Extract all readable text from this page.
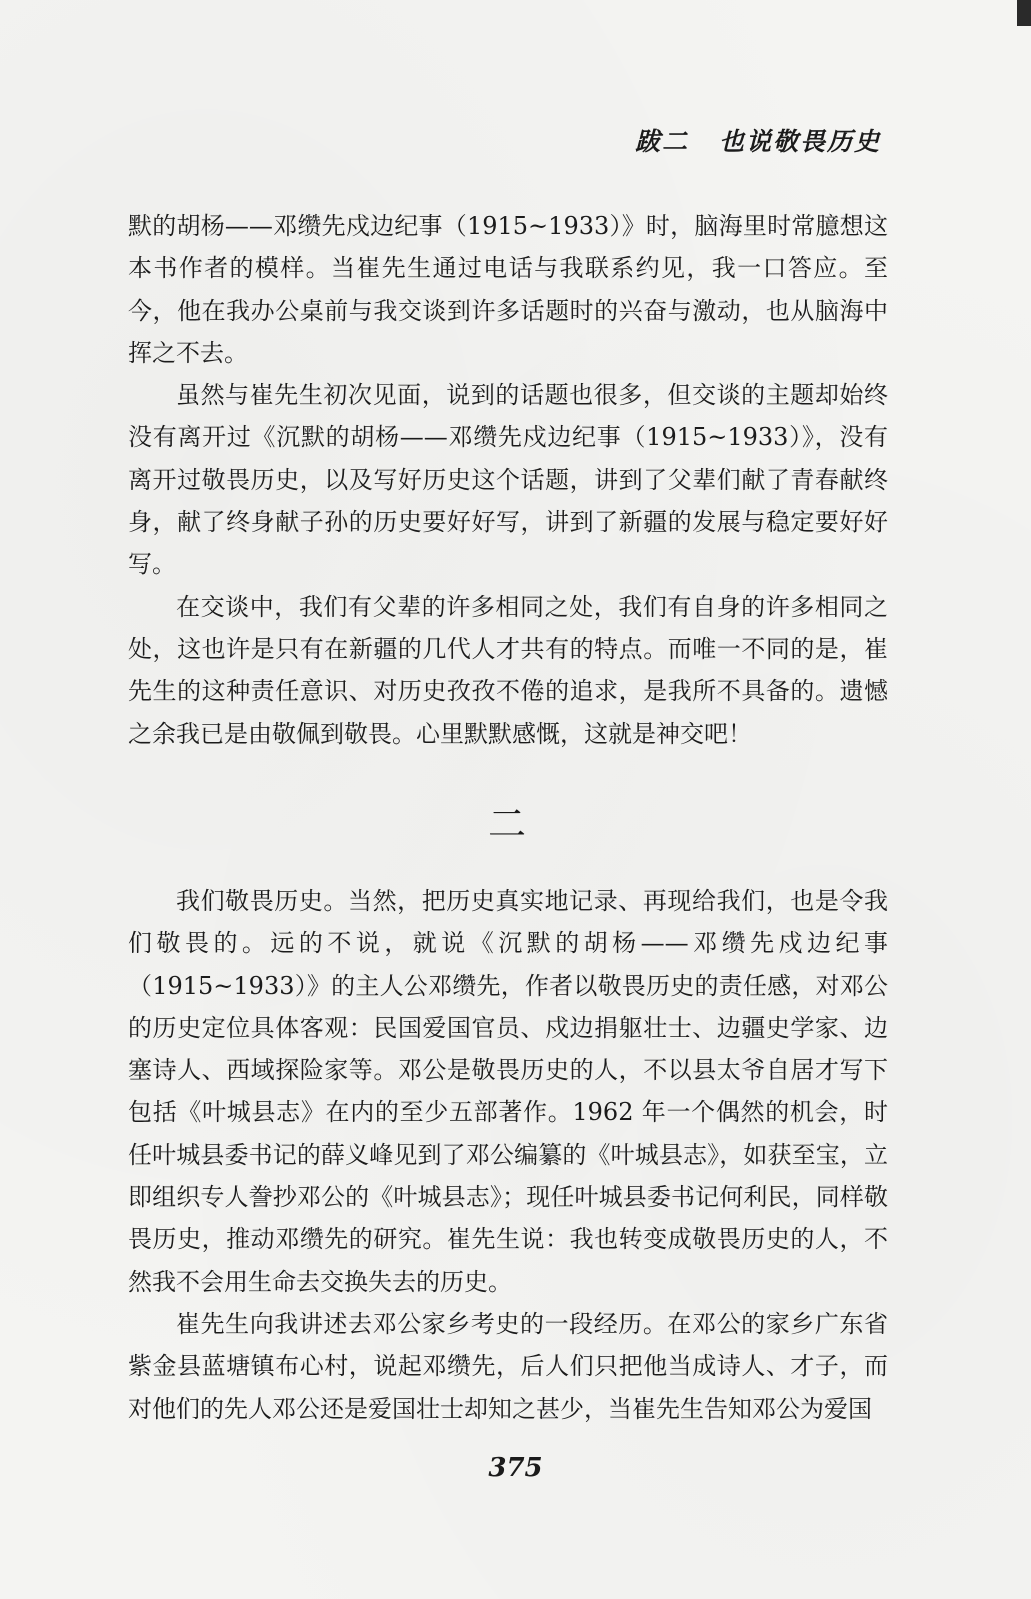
跋二 也说敬畏历史

默的胡杨——邓缵先戍边纪事（1915~1933）》时，脑海里时常臆想这本书作者的模样。当崔先生通过电话与我联系约见，我一口答应。至今，他在我办公桌前与我交谈到许多话题时的兴奋与激动，也从脑海中挥之不去。

虽然与崔先生初次见面，说到的话题也很多，但交谈的主题却始终没有离开过《沉默的胡杨——邓缵先戍边纪事（1915~1933）》，没有离开过敬畏历史，以及写好历史这个话题，讲到了父辈们献了青春献终身，献了终身献子孙的历史要好好写，讲到了新疆的发展与稳定要好好写。

在交谈中，我们有父辈的许多相同之处，我们有自身的许多相同之处，这也许是只有在新疆的几代人才共有的特点。而唯一不同的是，崔先生的这种责任意识、对历史孜孜不倦的追求，是我所不具备的。遗憾之余我已是由敬佩到敬畏。心里默默感慨，这就是神交吧！

二

我们敬畏历史。当然，把历史真实地记录、再现给我们，也是令我们敬畏的。远的不说，就说《沉默的胡杨——邓缵先戍边纪事（1915~1933）》的主人公邓缵先，作者以敬畏历史的责任感，对邓公的历史定位具体客观：民国爱国官员、戍边捐躯壮士、边疆史学家、边塞诗人、西域探险家等。邓公是敬畏历史的人，不以县太爷自居才写下包括《叶城县志》在内的至少五部著作。1962 年一个偶然的机会，时任叶城县委书记的薛义峰见到了邓公编纂的《叶城县志》，如获至宝，立即组织专人誊抄邓公的《叶城县志》；现任叶城县委书记何利民，同样敬畏历史，推动邓缵先的研究。崔先生说：我也转变成敬畏历史的人，不然我不会用生命去交换失去的历史。

崔先生向我讲述去邓公家乡考史的一段经历。在邓公的家乡广东省紫金县蓝塘镇布心村，说起邓缵先，后人们只把他当成诗人、才子，而对他们的先人邓公还是爱国壮士却知之甚少，当崔先生告知邓公为爱国

375
